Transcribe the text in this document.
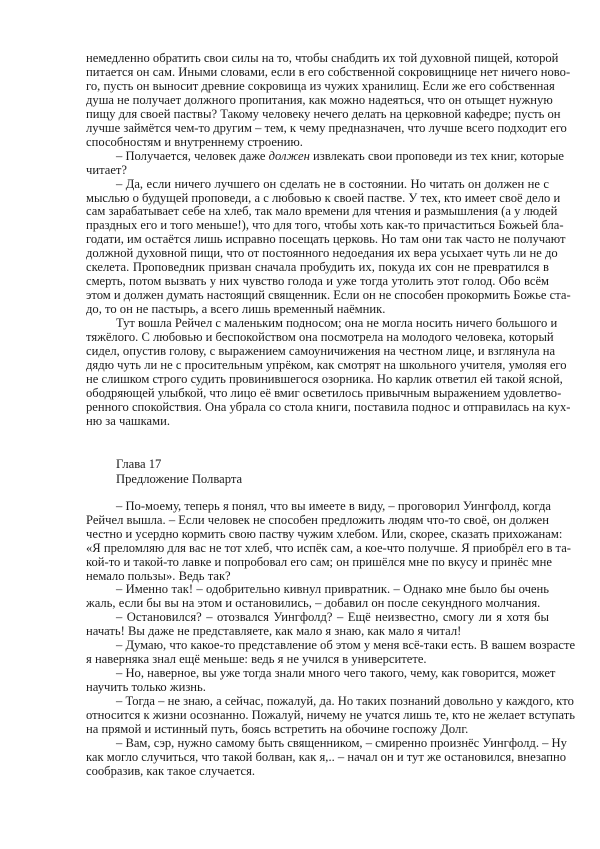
немедленно обратить свои силы на то, чтобы снабдить их той духовной пищей, которой
питается он сам. Иными словами, если в его собственной сокровищнице нет ничего ново-
го, пусть он выносит древние сокровища из чужих хранилищ. Если же его собственная
душа не получает должного пропитания, как можно надеяться, что он отыщет нужную
пищу для своей паствы? Такому человеку нечего делать на церковной кафедре; пусть он
лучше займётся чем-то другим – тем, к чему предназначен, что лучше всего подходит его
способностям и внутреннему строению.

– Получается, человек даже должен извлекать свои проповеди из тех книг, которые
читает?

– Да, если ничего лучшего он сделать не в состоянии. Но читать он должен не с
мыслью о будущей проповеди, а с любовью к своей пастве. У тех, кто имеет своё дело и
сам зарабатывает себе на хлеб, так мало времени для чтения и размышления (а у людей
праздных его и того меньше!), что для того, чтобы хоть как-то причаститься Божьей бла-
годати, им остаётся лишь исправно посещать церковь. Но там они так часто не получают
должной духовной пищи, что от постоянного недоедания их вера усыхает чуть ли не до
скелета. Проповедник призван сначала пробудить их, покуда их сон не превратился в
смерть, потом вызвать у них чувство голода и уже тогда утолить этот голод. Обо всём
этом и должен думать настоящий священник. Если он не способен прокормить Божье ста-
до, то он не пастырь, а всего лишь временный наёмник.

Тут вошла Рейчел с маленьким подносом; она не могла носить ничего большого и
тяжёлого. С любовью и беспокойством она посмотрела на молодого человека, который
сидел, опустив голову, с выражением самоуничижения на честном лице, и взглянула на
дядю чуть ли не с просительным упрёком, как смотрят на школьного учителя, умоляя его
не слишком строго судить провинившегося озорника. Но карлик ответил ей такой ясной,
ободряющей улыбкой, что лицо её вмиг осветилось привычным выражением удовлетво-
ренного спокойствия. Она убрала со стола книги, поставила поднос и отправилась на кух-
ню за чашками.

Глава 17

Предложение Полварта

– По-моему, теперь я понял, что вы имеете в виду, – проговорил Уингфолд, когда
Рейчел вышла. – Если человек не способен предложить людям что-то своё, он должен
честно и усердно кормить свою паству чужим хлебом. Или, скорее, сказать прихожанам:
«Я преломляю для вас не тот хлеб, что испёк сам, а кое-что получше. Я приобрёл его в та-
кой-то и такой-то лавке и попробовал его сам; он пришёлся мне по вкусу и принёс мне
немало пользы». Ведь так?

– Именно так! – одобрительно кивнул привратник. – Однако мне было бы очень
жаль, если бы вы на этом и остановились, – добавил он после секундного молчания.

– Остановился? – отозвался Уингфолд? – Ещё неизвестно, смогу ли я хотя бы
начать! Вы даже не представляете, как мало я знаю, как мало я читал!

– Думаю, что какое-то представление об этом у меня всё-таки есть. В вашем возрасте
я наверняка знал ещё меньше: ведь я не учился в университете.

– Но, наверное, вы уже тогда знали много чего такого, чему, как говорится, может
научить только жизнь.

– Тогда – не знаю, а сейчас, пожалуй, да. Но таких познаний довольно у каждого, кто
относится к жизни осознанно. Пожалуй, ничему не учатся лишь те, кто не желает вступать
на прямой и истинный путь, боясь встретить на обочине госпожу Долг.

– Вам, сэр, нужно самому быть священником, – смиренно произнёс Уингфолд. – Ну
как могло случиться, что такой болван, как я,.. – начал он и тут же остановился, внезапно
сообразив, как такое случается.
